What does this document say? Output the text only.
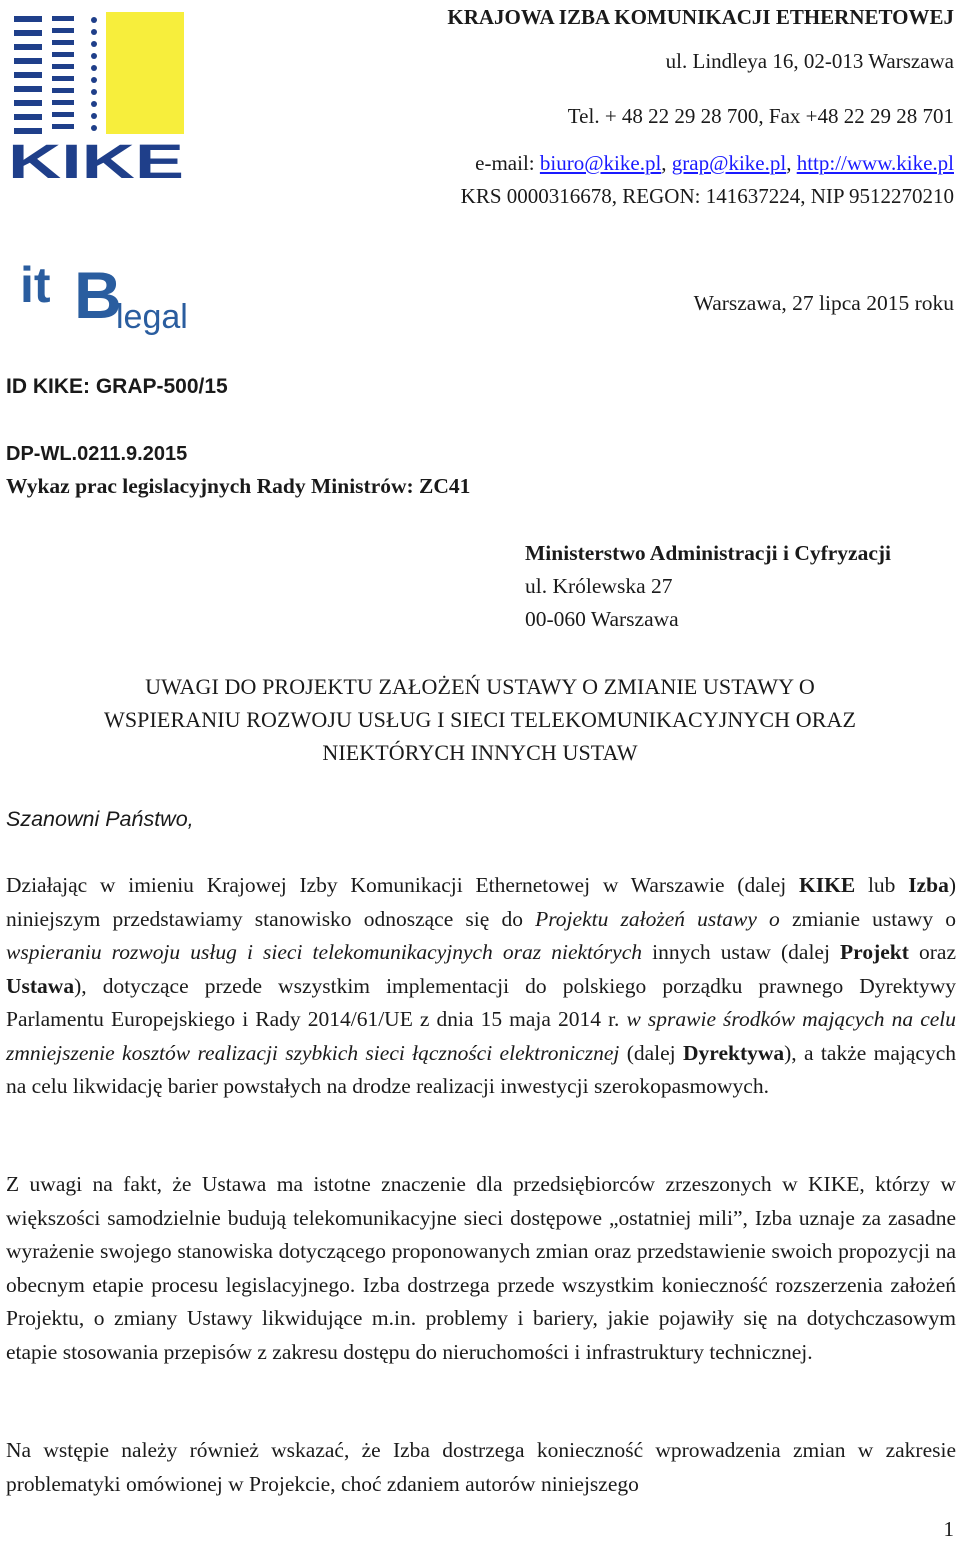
KIKE
KRAJOWA IZBA KOMUNIKACJI ETHERNETOWEJ
ul. Lindleya 16, 02-013 Warszawa
Tel. + 48 22 29 28 700, Fax +48 22 29 28 701
e-mail: biuro@kike.pl, grap@kike.pl, http://www.kike.pl
KRS 0000316678, REGON: 141637224, NIP 9512270210
it B
legal	Warszawa, 27 lipca 2015 roku
ID KIKE: GRAP-500/15
DP-WL.0211.9.2015
Wykaz prac legislacyjnych Rady Ministrów: ZC41
Ministerstwo Administracji i Cyfryzacji
ul. Królewska 27
00-060 Warszawa
UWAGI DO PROJEKTU ZAŁOŻEŃ USTAWY O ZMIANIE USTAWY O
WSPIERANIU ROZWOJU USŁUG I SIECI TELEKOMUNIKACYJNYCH ORAZ
NIEKTÓRYCH INNYCH USTAW
Szanowni Państwo,
Działając w imieniu Krajowej Izby Komunikacji Ethernetowej w Warszawie (dalej KIKE lub Izba) niniejszym przedstawiamy stanowisko odnoszące się do Projektu założeń ustawy o zmianie ustawy o wspieraniu rozwoju usług i sieci telekomunikacyjnych oraz niektórych innych ustaw (dalej Projekt oraz Ustawa), dotyczące przede wszystkim implementacji do polskiego porządku prawnego Dyrektywy Parlamentu Europejskiego i Rady 2014/61/UE z dnia 15 maja 2014 r. w sprawie środków mających na celu zmniejszenie kosztów realizacji szybkich sieci łączności elektronicznej (dalej Dyrektywa), a także mających na celu likwidację barier powstałych na drodze realizacji inwestycji szerokopasmowych.
Z uwagi na fakt, że Ustawa ma istotne znaczenie dla przedsiębiorców zrzeszonych w KIKE, którzy w większości samodzielnie budują telekomunikacyjne sieci dostępowe „ostatniej mili”, Izba uznaje za zasadne wyrażenie swojego stanowiska dotyczącego proponowanych zmian oraz przedstawienie swoich propozycji na obecnym etapie procesu legislacyjnego. Izba dostrzega przede wszystkim konieczność rozszerzenia założeń Projektu, o zmiany Ustawy likwidujące m.in. problemy i bariery, jakie pojawiły się na dotychczasowym etapie stosowania przepisów z zakresu dostępu do nieruchomości i infrastruktury technicznej.
Na wstępie należy również wskazać, że Izba dostrzega konieczność wprowadzenia zmian w zakresie problematyki omówionej w Projekcie, choć zdaniem autorów niniejszego
1
